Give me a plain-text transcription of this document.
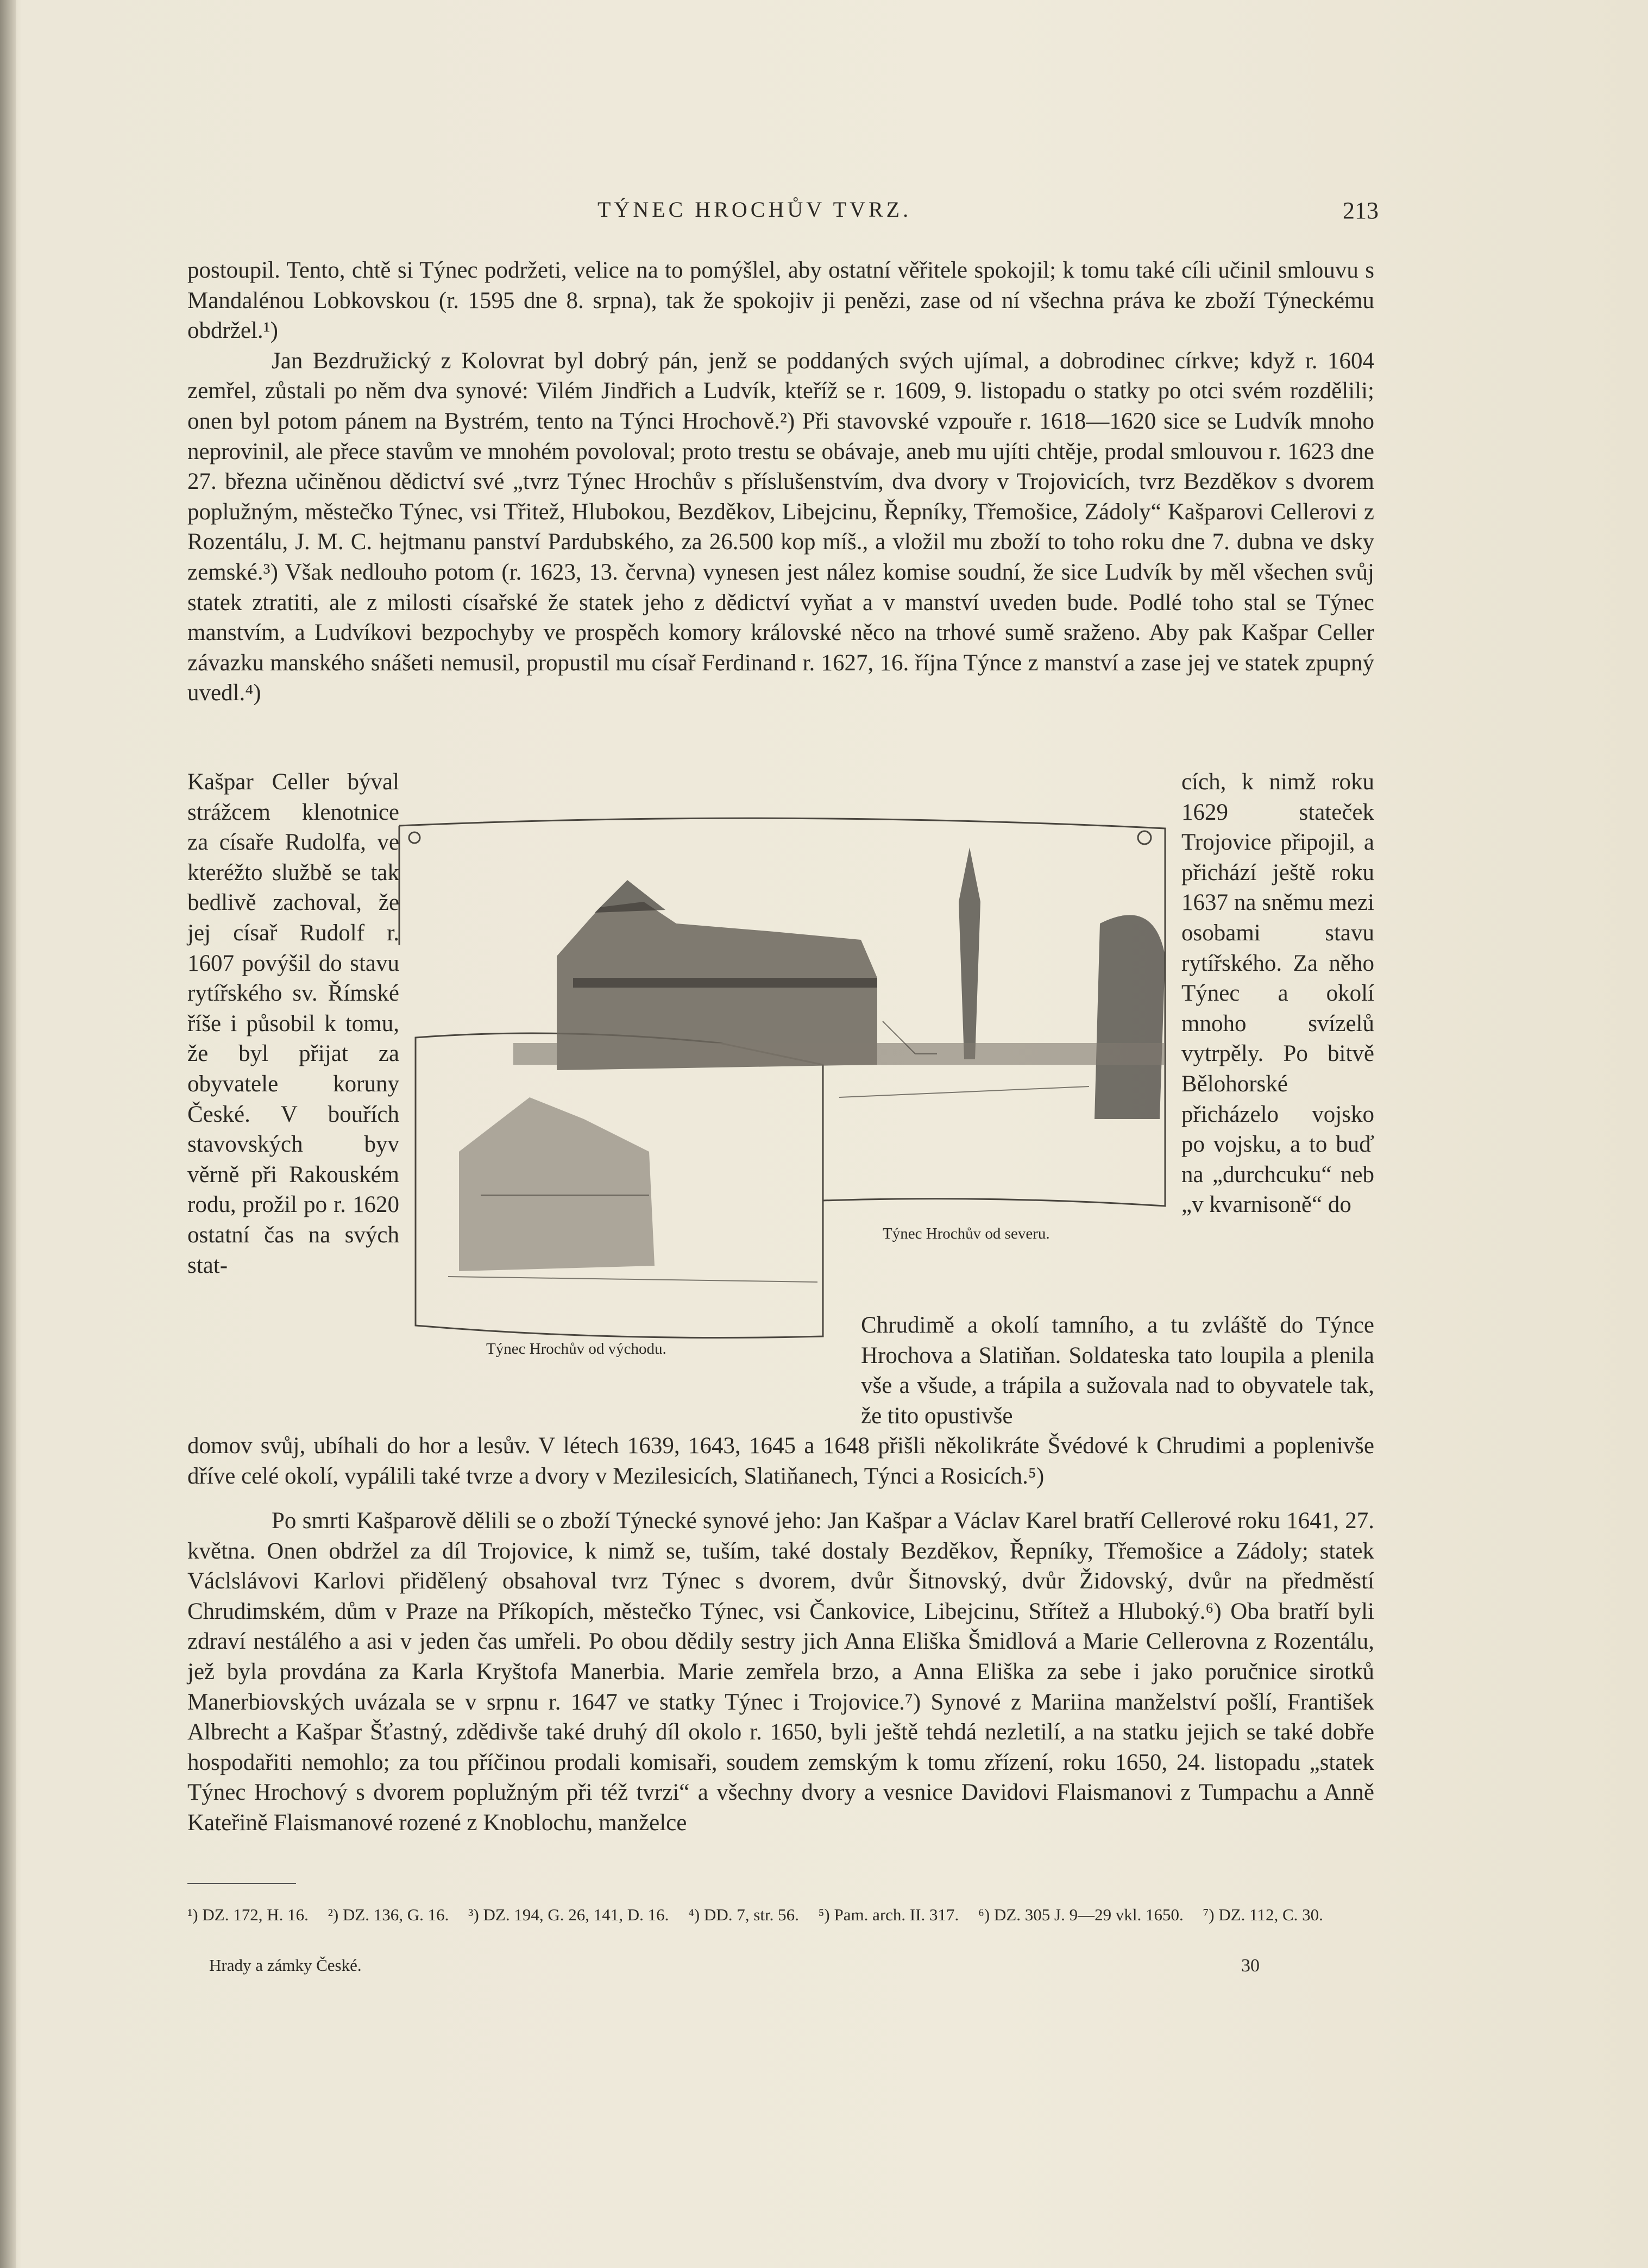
TÝNEC HROCHŮV TVRZ.	213

postoupil. Tento, chtě si Týnec podržeti, velice na to pomýšlel, aby ostatní věřitele spokojil; k tomu také cíli učinil smlouvu s Mandalénou Lobkovskou (r. 1595 dne 8. srpna), tak že spokojiv ji penězi, zase od ní všechna práva ke zboží Týneckému obdržel.¹)

Jan Bezdružický z Kolovrat byl dobrý pán, jenž se poddaných svých ujímal, a dobrodinec církve; když r. 1604 zemřel, zůstali po něm dva synové: Vilém Jindřich a Ludvík, kteříž se r. 1609, 9. listopadu o statky po otci svém rozdělili; onen byl potom pánem na Bystrém, tento na Týnci Hrochově.²) Při stavovské vzpouře r. 1618—1620 sice se Ludvík mnoho neprovinil, ale přece stavům ve mnohém povoloval; proto trestu se obávaje, aneb mu ujíti chtěje, prodal smlouvou r. 1623 dne 27. března učiněnou dědictví své „tvrz Týnec Hrochův s příslušenstvím, dva dvory v Trojovicích, tvrz Bezděkov s dvorem poplužným, městečko Týnec, vsi Třitež, Hlubokou, Bezděkov, Libejcinu, Řepníky, Třemošice, Zádoly“ Kašparovi Cellerovi z Rozentálu, J. M. C. hejtmanu panství Pardubského, za 26.500 kop míš., a vložil mu zboží to toho roku dne 7. dubna ve dsky zemské.³) Však nedlouho potom (r. 1623, 13. června) vynesen jest nález komise soudní, že sice Ludvík by měl všechen svůj statek ztratiti, ale z milosti císařské že statek jeho z dědictví vyňat a v manství uveden bude. Podlé toho stal se Týnec manstvím, a Ludvíkovi bezpochyby ve prospěch komory královské něco na trhové sumě sraženo. Aby pak Kašpar Celler závazku manského snášeti nemusil, propustil mu císař Ferdinand r. 1627, 16. října Týnce z manství a zase jej ve statek zpupný uvedl.⁴)

Kašpar Celler býval strážcem klenotnice za císaře Rudolfa, ve kteréžto službě se tak bedlivě zachoval, že jej císař Rudolf r. 1607 povýšil do stavu rytířského sv. Římské říše i působil k tomu, že byl přijat za obyvatele koruny České. V bouřích stavovských byv věrně při Rakouském rodu, prožil po r. 1620 ostatní čas na svých stat-
cích, k nimž roku 1629 stateček Trojovice připojil, a přichází ještě roku 1637 na sněmu mezi osobami stavu rytířského. Za něho Týnec a okolí mnoho svízelů vytrpěly. Po bitvě Bělohorské přicházelo vojsko po vojsku, a to buď na „durchcuku“ neb „v kvarnisoně“ do
Chrudimě a okolí tamního, a tu zvláště do Týnce Hrochova a Slatiňan. Soldateska tato loupila a plenila vše a všude, a trápila a sužovala nad to obyvatele tak, že tito opustivše
Týnec Hrochův od severu.
Týnec Hrochův od východu.
domov svůj, ubíhali do hor a lesův. V létech 1639, 1643, 1645 a 1648 přišli několikráte Švédové k Chrudimi a poplenivše dříve celé okolí, vypálili také tvrze a dvory v Mezilesicích, Slatiňanech, Týnci a Rosicích.⁵)
Po smrti Kašparově dělili se o zboží Týnecké synové jeho: Jan Kašpar a Václav Karel bratří Cellerové roku 1641, 27. května. Onen obdržel za díl Trojovice, k nimž se, tuším, také dostaly Bezděkov, Řepníky, Třemošice a Zádoly; statek Václslávovi Karlovi přidělený obsahoval tvrz Týnec s dvorem, dvůr Šitnovský, dvůr Židovský, dvůr na předměstí Chrudimském, dům v Praze na Příkopích, městečko Týnec, vsi Čankovice, Libejcinu, Střítež a Hluboký.⁶) Oba bratří byli zdraví nestálého a asi v jeden čas umřeli. Po obou dědily sestry jich Anna Eliška Šmidlová a Marie Cellerovna z Rozentálu, jež byla provdána za Karla Kryštofa Manerbia. Marie zemřela brzo, a Anna Eliška za sebe i jako poručnice sirotků Manerbiovských uvázala se v srpnu r. 1647 ve statky Týnec i Trojovice.⁷) Synové z Mariina manželství pošlí, František Albrecht a Kašpar Šťastný, zdědivše také druhý díl okolo r. 1650, byli ještě tehdá nezletilí, a na statku jejich se také dobře hospodařiti nemohlo; za tou příčinou prodali komisaři, soudem zemským k tomu zřízení, roku 1650, 24. listopadu „statek Týnec Hrochový s dvorem poplužným při též tvrzi“ a všechny dvory a vesnice Davidovi Flaismanovi z Tumpachu a Anně Kateřině Flaismanové rozené z Knoblochu, manželce
¹) DZ. 172, H. 16. ²) DZ. 136, G. 16. ³) DZ. 194, G. 26, 141, D. 16. ⁴) DD. 7, str. 56. ⁵) Pam. arch. II. 317. ⁶) DZ. 305 J. 9—29 vkl. 1650. ⁷) DZ. 112, C. 30.
Hrady a zámky České.	30
